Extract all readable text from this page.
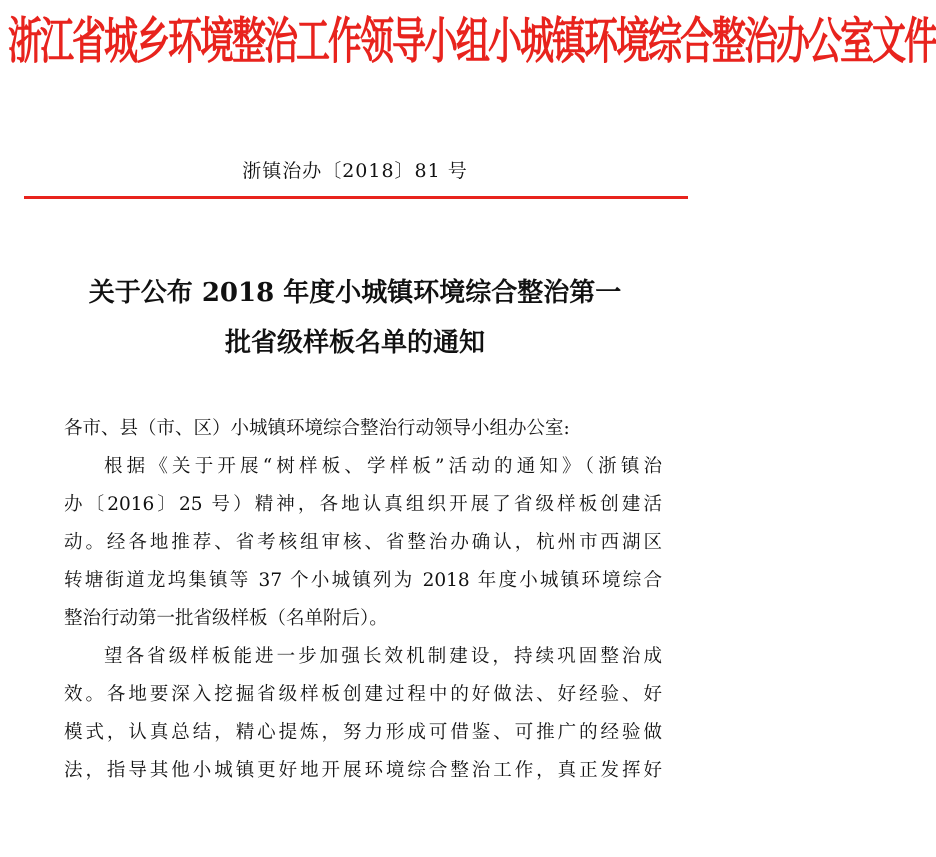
浙江省城乡环境整治工作领导小组小城镇环境综合整治办公室文件
浙镇治办〔2018〕81 号
关于公布 2018 年度小城镇环境综合整治第一
批省级样板名单的通知
各市、县（市、区）小城镇环境综合整治行动领导小组办公室:
根据《关于开展“树样板、学样板”活动的通知》（浙镇治
办〔2016〕25 号）精神，各地认真组织开展了省级样板创建活
动。经各地推荐、省考核组审核、省整治办确认，杭州市西湖区
转塘街道龙坞集镇等 37 个小城镇列为 2018 年度小城镇环境综合
整治行动第一批省级样板（名单附后）。
望各省级样板能进一步加强长效机制建设，持续巩固整治成
效。各地要深入挖掘省级样板创建过程中的好做法、好经验、好
模式，认真总结，精心提炼，努力形成可借鉴、可推广的经验做
法，指导其他小城镇更好地开展环境综合整治工作，真正发挥好
